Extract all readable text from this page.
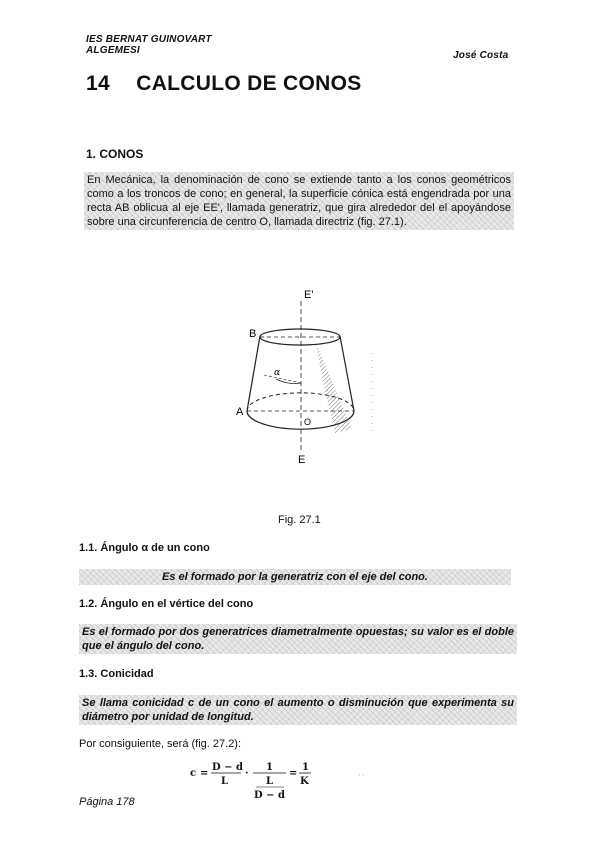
IES BERNAT GUINOVART
ALGEMESI	José Costa
14 CALCULO DE CONOS
1. CONOS
En Mecánica, la denominación de cono se extiende tanto a los conos geométricos como a los troncos de cono; en general, la superficie cónica está engendrada por una recta AB oblicua al eje EE', llamada generatriz, que gira alrededor del el apoyándose sobre una circunferencia de centro O, llamada directriz (fig. 27.1).
E'
E
B
A
O
α
Fig. 27.1
1.1. Ángulo α de un cono
Es el formado por la generatriz con el eje del cono.
1.2. Ángulo en el vértice del cono
Es el formado por dos generatrices diametralmente opuestas; su valor es el doble que el ángulo del cono.
1.3. Conicidad
Se llama conicidad c de un cono el aumento o disminución que experimenta su diámetro por unidad de longitud.
Por consiguiente, será (fig. 27.2):
c =
D − d
L
·
1
L
D − d
=
1
K
· ·
Página 178
